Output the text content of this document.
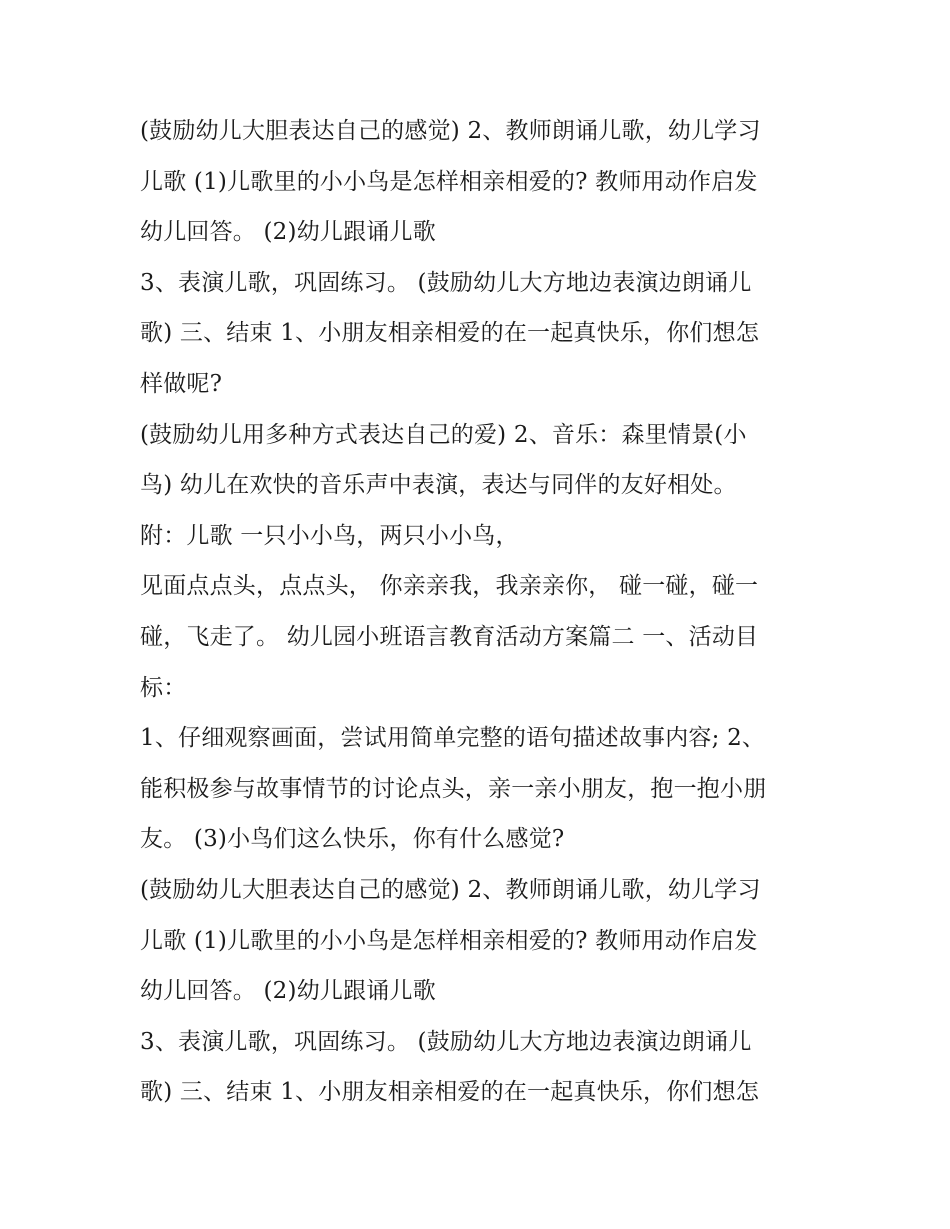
(鼓励幼儿大胆表达自己的感觉) 2、教师朗诵儿歌，幼儿学习
儿歌 (1)儿歌里的小小鸟是怎样相亲相爱的? 教师用动作启发
幼儿回答。 (2)幼儿跟诵儿歌
3、表演儿歌，巩固练习。 (鼓励幼儿大方地边表演边朗诵儿
歌) 三、结束 1、小朋友相亲相爱的在一起真快乐，你们想怎
样做呢?
(鼓励幼儿用多种方式表达自己的爱) 2、音乐：森里情景(小
鸟) 幼儿在欢快的音乐声中表演，表达与同伴的友好相处。
附：儿歌 一只小小鸟，两只小小鸟，
见面点点头，点点头， 你亲亲我，我亲亲你， 碰一碰，碰一
碰，飞走了。 幼儿园小班语言教育活动方案篇二 一、活动目
标：
1、仔细观察画面，尝试用简单完整的语句描述故事内容; 2、
能积极参与故事情节的讨论点头，亲一亲小朋友，抱一抱小朋
友。 (3)小鸟们这么快乐，你有什么感觉?
(鼓励幼儿大胆表达自己的感觉) 2、教师朗诵儿歌，幼儿学习
儿歌 (1)儿歌里的小小鸟是怎样相亲相爱的? 教师用动作启发
幼儿回答。 (2)幼儿跟诵儿歌
3、表演儿歌，巩固练习。 (鼓励幼儿大方地边表演边朗诵儿
歌) 三、结束 1、小朋友相亲相爱的在一起真快乐，你们想怎
